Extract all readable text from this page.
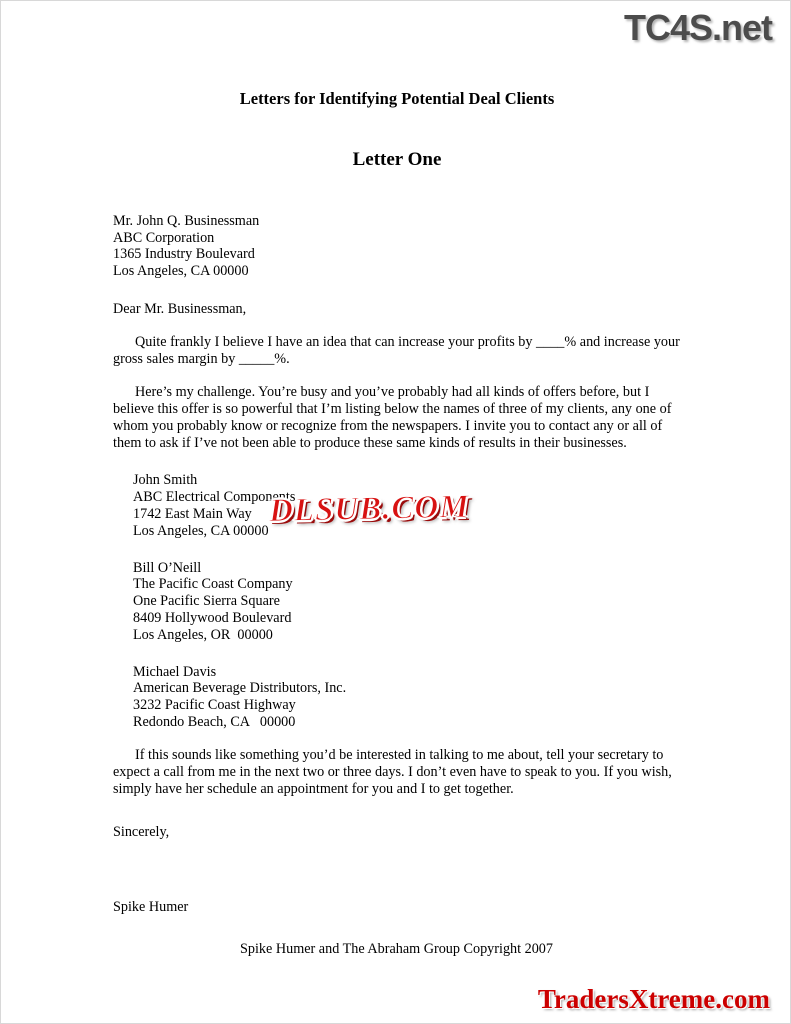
TC4S.net
Letters for Identifying Potential Deal Clients
Letter One
Mr. John Q. Businessman
ABC Corporation
1365 Industry Boulevard
Los Angeles, CA 00000
Dear Mr. Businessman,

Quite frankly I believe I have an idea that can increase your profits by ____% and increase your gross sales margin by _____%.

Here’s my challenge. You’re busy and you’ve probably had all kinds of offers before, but I believe this offer is so powerful that I’m listing below the names of three of my clients, any one of whom you probably know or recognize from the newspapers. I invite you to contact any or all of them to ask if I’ve not been able to produce these same kinds of results in their businesses.

John Smith
ABC Electrical Components
1742 East Main Way
Los Angeles, CA 00000
Bill O’Neill
The Pacific Coast Company
One Pacific Sierra Square
8409 Hollywood Boulevard
Los Angeles, OR  00000
Michael Davis
American Beverage Distributors, Inc.
3232 Pacific Coast Highway
Redondo Beach, CA   00000

If this sounds like something you’d be interested in talking to me about, tell your secretary to expect a call from me in the next two or three days. I don’t even have to speak to you. If you wish, simply have her schedule an appointment for you and I to get together.

Sincerely,
Spike Humer
DLSUB.COM
Spike Humer and The Abraham Group Copyright 2007
TradersXtreme.com
